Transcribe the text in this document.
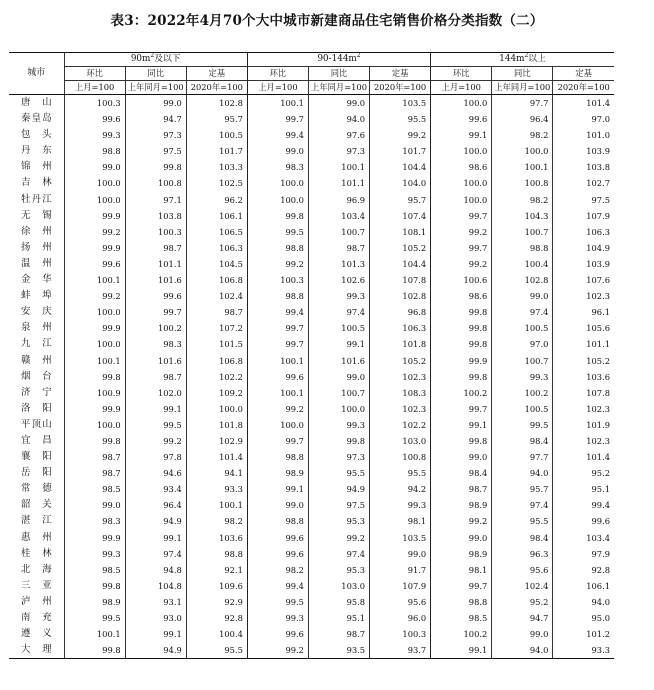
表3：2022年4月70个大中城市新建商品住宅销售价格分类指数（二）
城市	$90m^2$及以下			$90-144m^2$			$144m^2$以上		
	环比	同比	定基	环比	同比	定基	环比	同比	定基
	上月=100	上年同月=100	2020年=100	上月=100	上年同月=100	2020年=100	上月=100	上年同月=100	2020年=100
唐山	100.3	99.0	102.8	100.1	99.0	103.5	100.0	97.7	101.4
秦皇岛	99.6	94.7	95.7	99.7	94.0	95.5	99.6	96.4	97.0
包头	99.3	97.3	100.5	99.4	97.6	99.2	99.1	98.2	101.0
丹东	98.8	97.5	101.7	99.0	97.3	101.7	100.0	100.0	103.9
锦州	99.0	99.8	103.3	98.3	100.1	104.4	98.6	100.1	103.8
吉林	100.0	100.8	102.5	100.0	101.1	104.0	100.0	100.8	102.7
牡丹江	100.0	97.1	96.2	100.0	96.9	95.7	100.0	98.2	97.5
无锡	99.9	103.8	106.1	99.8	103.4	107.4	99.7	104.3	107.9
徐州	99.2	100.3	106.5	99.5	100.7	108.1	99.2	100.7	106.3
扬州	99.9	98.7	106.3	98.8	98.7	105.2	99.7	98.8	104.9
温州	99.6	101.1	104.5	99.2	101.3	104.4	99.2	100.4	103.9
金华	100.1	101.6	106.8	100.3	102.6	107.8	100.6	102.8	107.6
蚌埠	99.2	99.6	102.4	98.8	99.3	102.8	98.6	99.0	102.3
安庆	100.0	99.7	98.7	99.4	97.4	96.8	99.8	97.4	96.1
泉州	99.9	100.2	107.2	99.7	100.5	106.3	99.8	100.5	105.6
九江	100.0	98.3	101.5	99.7	99.1	101.8	99.8	97.0	101.1
赣州	100.1	101.6	106.8	100.1	101.6	105.2	99.9	100.7	105.2
烟台	99.8	98.7	102.2	99.6	99.0	102.3	99.8	99.3	103.6
济宁	100.9	102.0	109.2	100.1	100.7	108.3	100.2	100.2	107.8
洛阳	99.9	99.1	100.0	99.2	100.0	102.3	99.7	100.5	102.3
平顶山	100.0	99.5	101.8	100.0	99.3	102.2	99.1	99.5	101.9
宜昌	99.8	99.2	102.9	99.7	99.8	103.0	99.8	98.4	102.3
襄阳	98.7	97.8	101.4	98.8	97.3	100.8	99.0	97.7	101.4
岳阳	98.7	94.6	94.1	98.9	95.5	95.5	98.4	94.0	95.2
常德	98.5	93.4	93.3	99.1	94.9	94.2	98.7	95.7	95.1
韶关	99.0	96.4	100.1	99.0	97.5	99.3	98.9	97.4	99.4
湛江	98.3	94.9	98.2	98.8	95.3	98.1	99.2	95.5	99.6
惠州	99.9	99.1	103.6	99.6	99.2	103.5	99.0	98.4	103.4
桂林	99.3	97.4	98.8	99.6	97.4	99.0	98.9	96.3	97.9
北海	98.5	94.8	92.1	98.2	95.3	91.7	98.1	95.6	92.8
三亚	99.8	104.8	109.6	99.4	103.0	107.9	99.7	102.4	106.1
泸州	98.9	93.1	92.9	99.5	95.8	95.6	98.8	95.2	94.0
南充	99.5	93.0	92.8	99.3	95.1	96.0	98.5	94.7	95.0
遵义	100.1	99.1	100.4	99.6	98.7	100.3	100.2	99.0	101.2
大理	99.8	94.9	95.5	99.2	93.5	93.7	99.1	94.0	93.3
